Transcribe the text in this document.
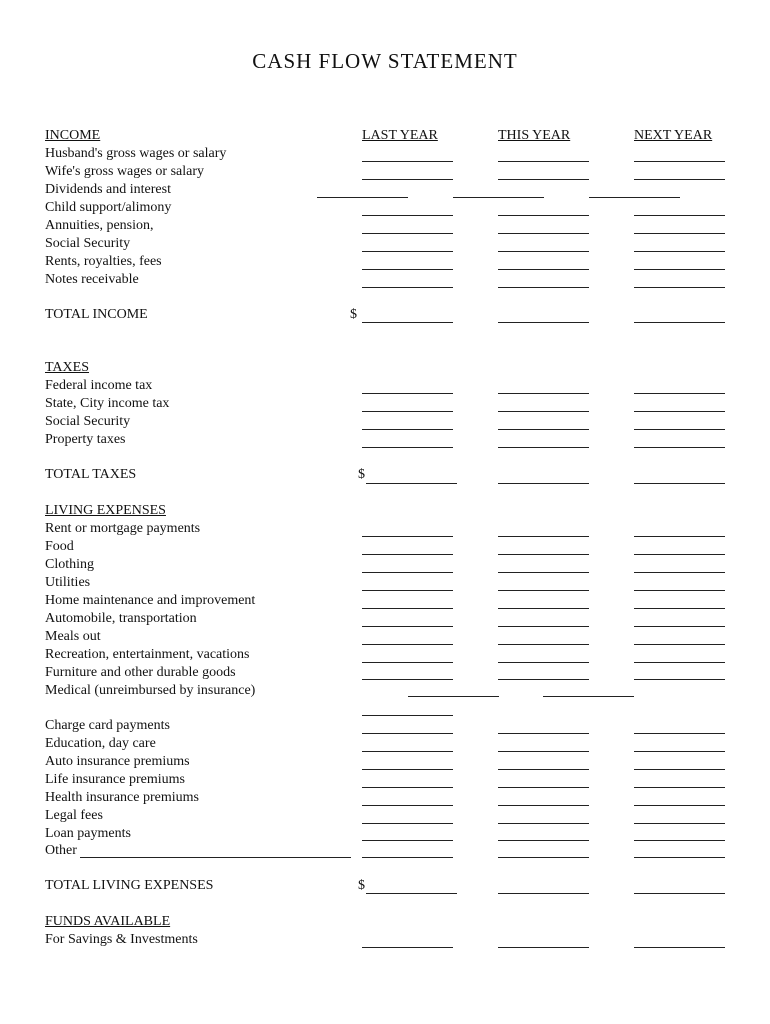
CASH FLOW STATEMENT
LAST YEAR	THIS YEAR	NEXT YEAR
INCOME
Husband's gross wages or salary
Wife's gross wages or salary
Dividends and interest
Child support/alimony
Annuities, pension,
Social Security
Rents, royalties, fees
Notes receivable
TOTAL INCOME	$
TAXES
Federal income tax
State, City income tax
Social Security
Property taxes
TOTAL TAXES	$
LIVING EXPENSES
Rent or mortgage payments
Food
Clothing
Utilities
Home maintenance and improvement
Automobile, transportation
Meals out
Recreation, entertainment, vacations
Furniture and other durable goods
Medical (unreimbursed by insurance)
Charge card payments
Education, day care
Auto insurance premiums
Life insurance premiums
Health insurance premiums
Legal fees
Loan payments
Other
TOTAL LIVING EXPENSES	$
FUNDS AVAILABLE
For Savings & Investments
